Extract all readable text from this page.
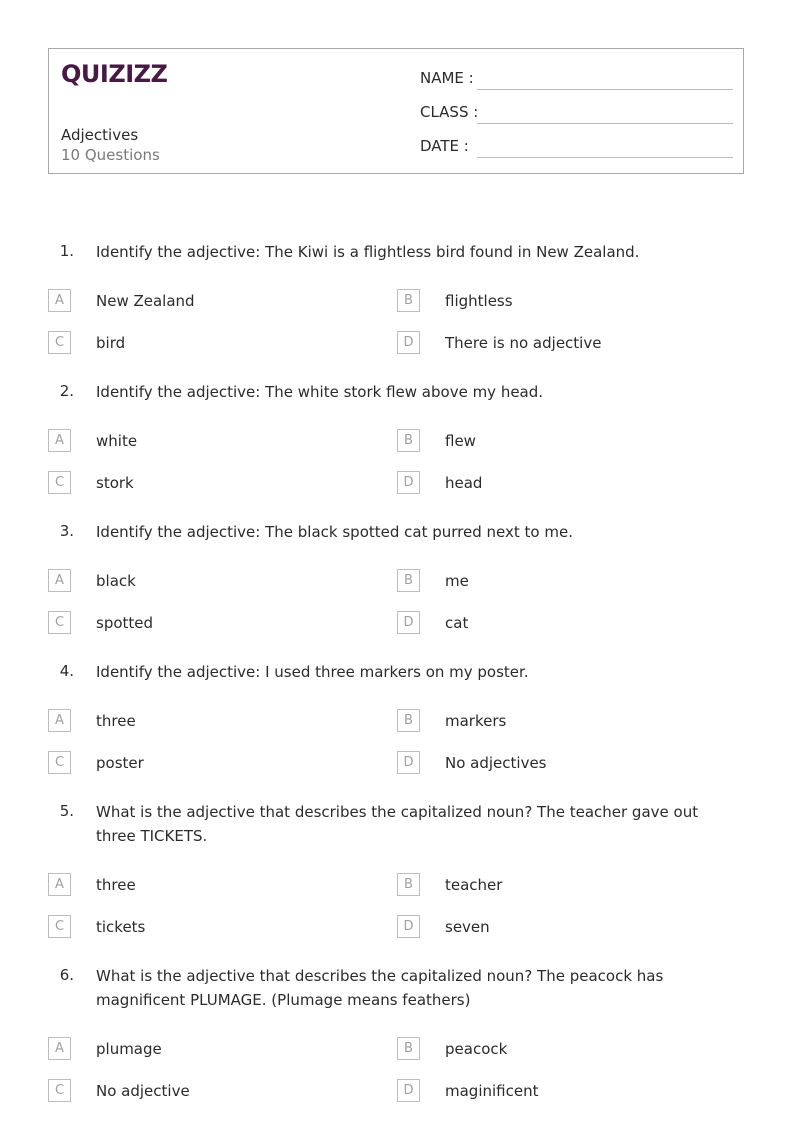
QUIZIZZ
Adjectives
10 Questions
NAME :
CLASS :
DATE :
1. Identify the adjective: The Kiwi is a flightless bird found in New Zealand.
A	New Zealand	B	flightless
C	bird	D	There is no adjective
2. Identify the adjective: The white stork flew above my head.
A	white	B	flew
C	stork	D	head
3. Identify the adjective: The black spotted cat purred next to me.
A	black	B	me
C	spotted	D	cat
4. Identify the adjective: I used three markers on my poster.
A	three	B	markers
C	poster	D	No adjectives
5. What is the adjective that describes the capitalized noun? The teacher gave out three TICKETS.
A	three	B	teacher
C	tickets	D	seven
6. What is the adjective that describes the capitalized noun? The peacock has magnificent PLUMAGE. (Plumage means feathers)
A	plumage	B	peacock
C	No adjective	D	maginificent
